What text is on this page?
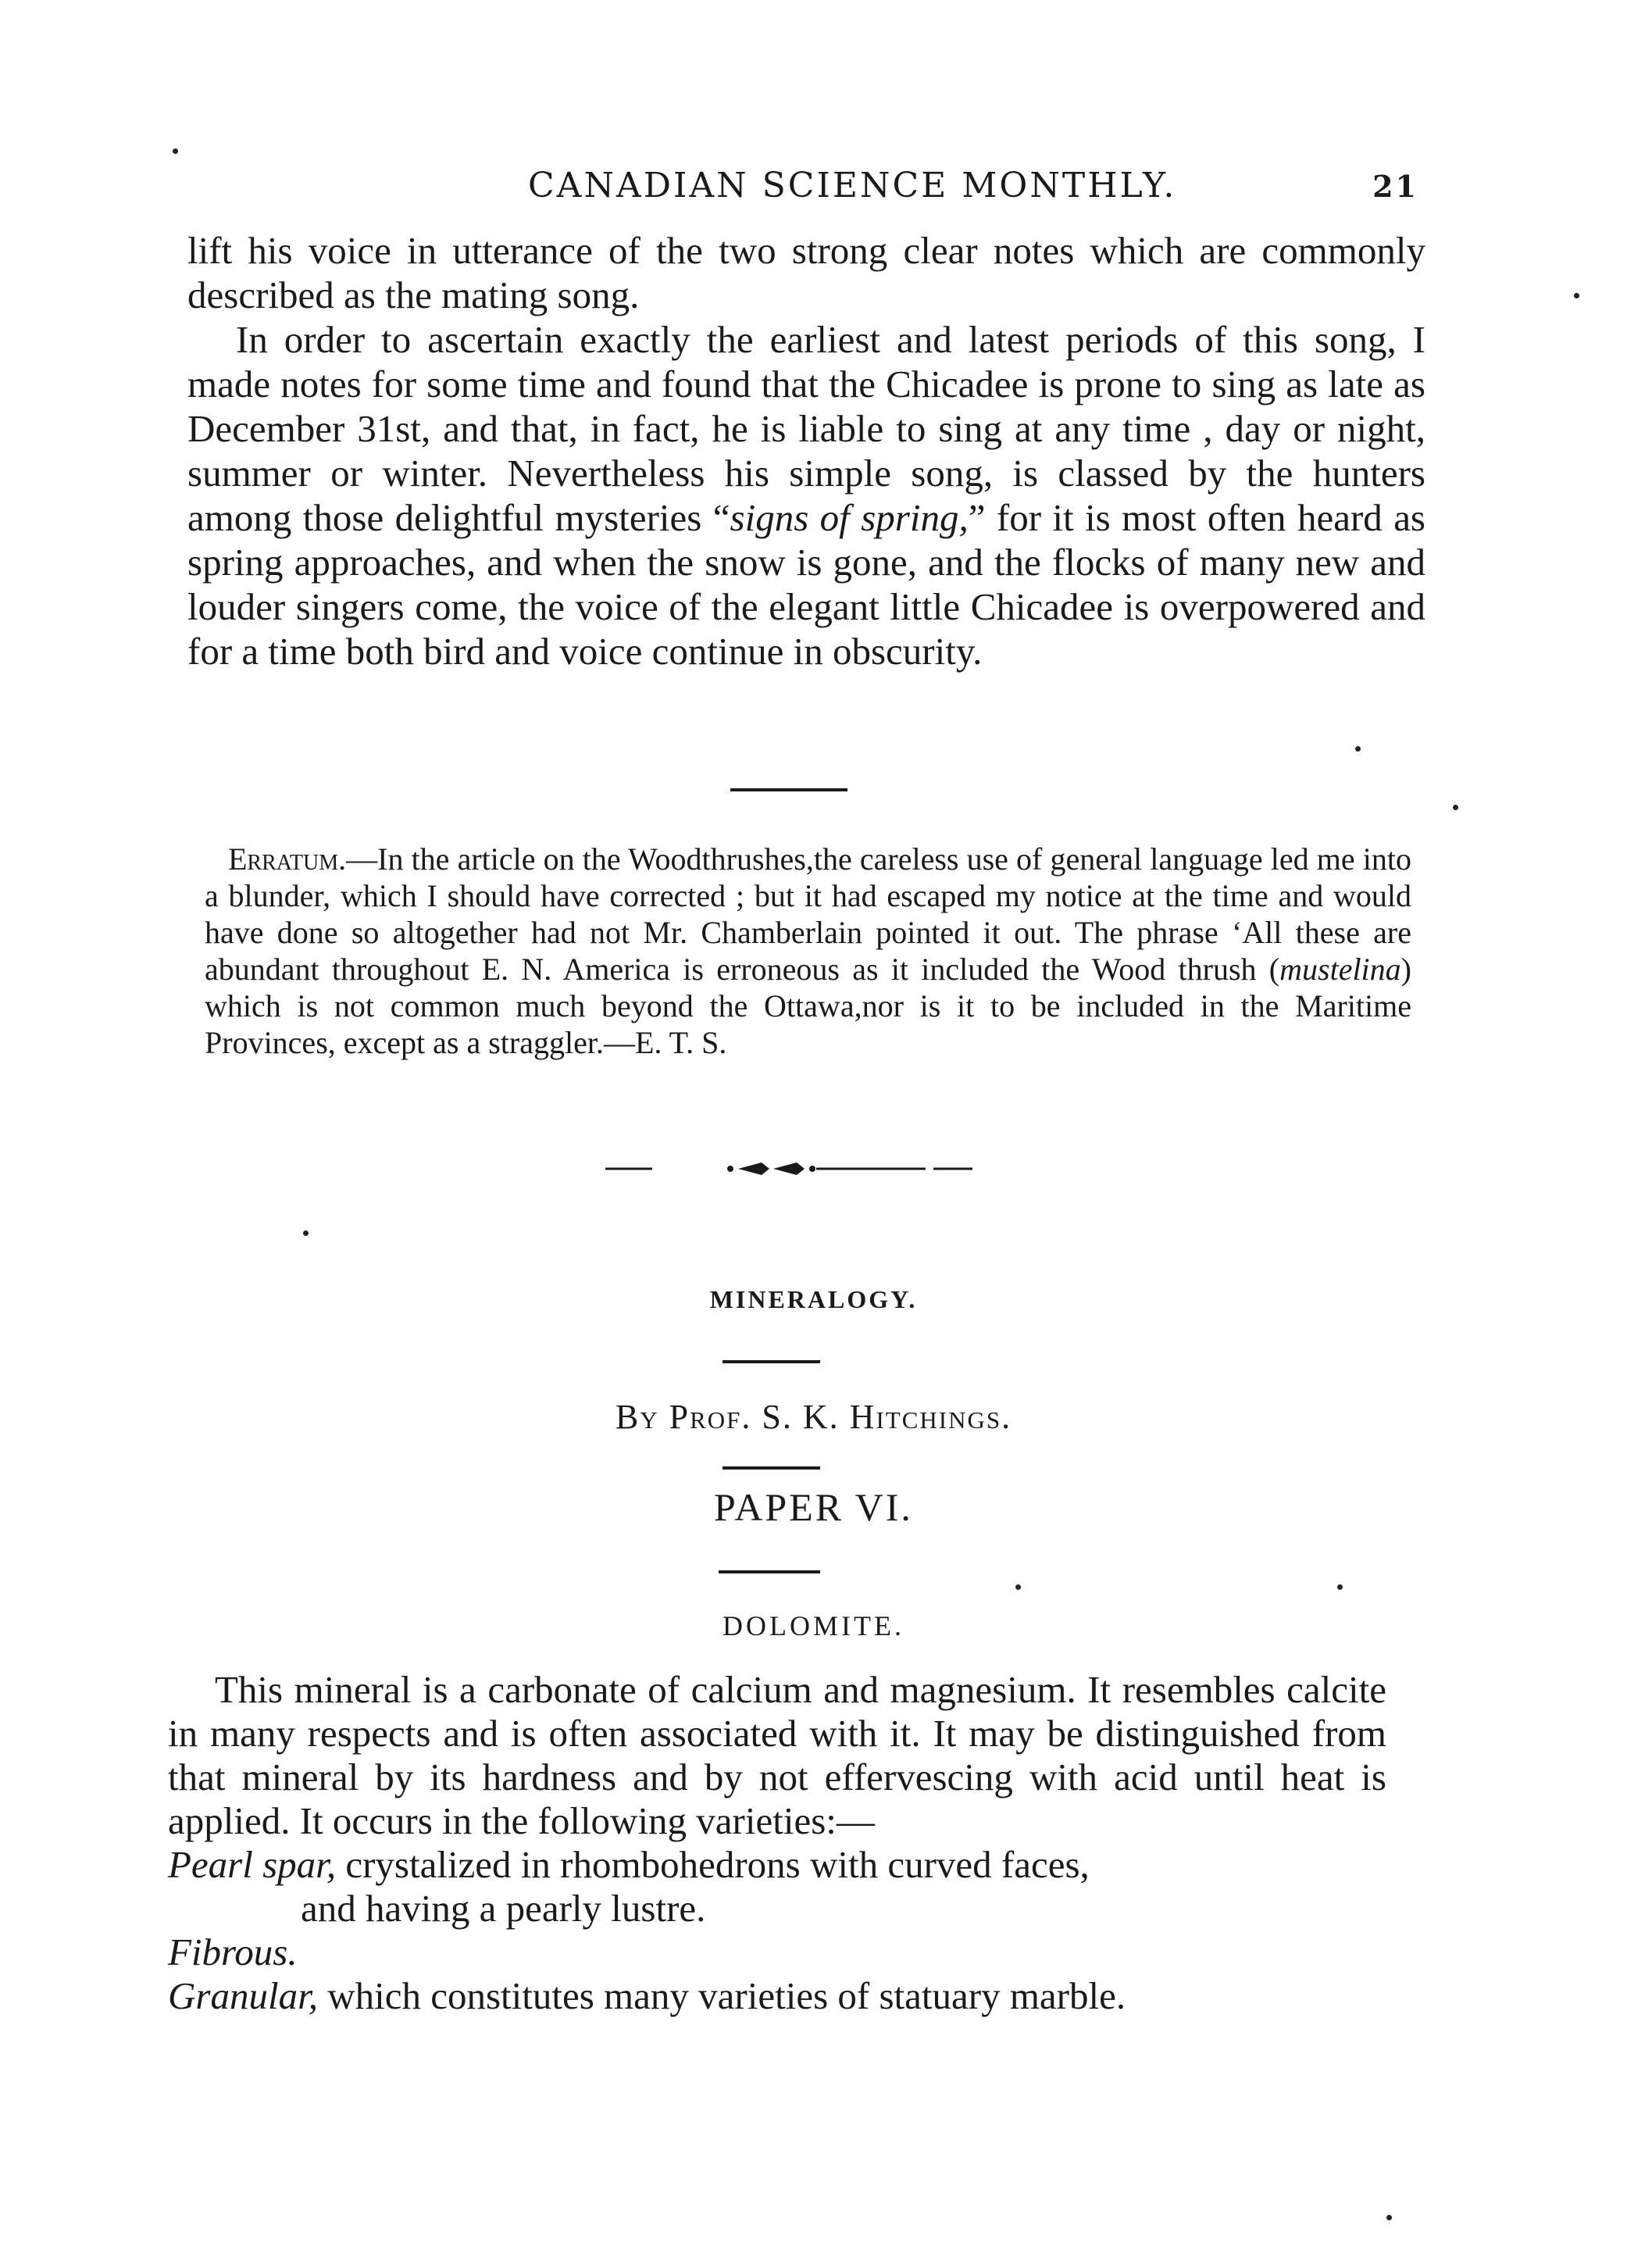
CANADIAN SCIENCE MONTHLY.	21

lift his voice in utterance of the two strong clear notes which are commonly described as the mating song.

In order to ascertain exactly the earliest and latest periods of this song, I made notes for some time and found that the Chicadee is prone to sing as late as December 31st, and that, in fact, he is liable to sing at any time , day or night, summer or winter. Nevertheless his simple song, is classed by the hunters among those delightful mysteries “signs of spring,” for it is most often heard as spring approaches, and when the snow is gone, and the flocks of many new and louder singers come, the voice of the elegant little Chicadee is overpowered and for a time both bird and voice continue in obscurity.

Erratum.—In the article on the Woodthrushes,the careless use of general language led me into a blunder, which I should have corrected ; but it had escaped my notice at the time and would have done so altogether had not Mr. Chamberlain pointed it out. The phrase ‘All these are abundant throughout E. N. America is erroneous as it included the Wood thrush (mustelina) which is not common much beyond the Ottawa,nor is it to be included in the Maritime Provinces, except as a straggler.—E. T. S.

MINERALOGY.
By Prof. S. K. Hitchings.
PAPER VI.
DOLOMITE.

This mineral is a carbonate of calcium and magnesium. It resembles calcite in many respects and is often associated with it. It may be distinguished from that mineral by its hardness and by not effervescing with acid until heat is applied. It occurs in the following varieties:—

Pearl spar, crystalized in rhombohedrons with curved faces,

and having a pearly lustre.

Fibrous.

Granular, which constitutes many varieties of statuary marble.
